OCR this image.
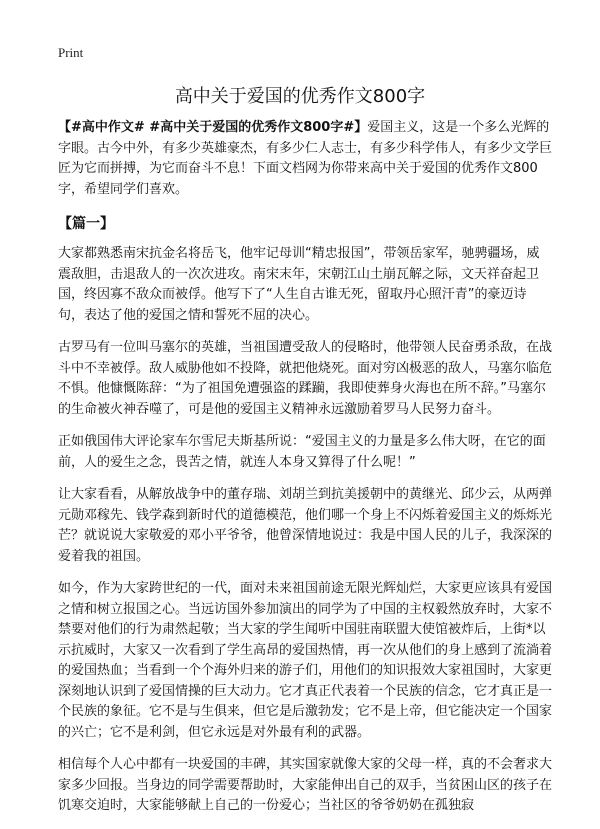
Print
高中关于爱国的优秀作文800字

【#高中作文# #高中关于爱国的优秀作文800字#】爱国主义，这是一个多么光辉的字眼。古今中外，有多少英雄豪杰，有多少仁人志士，有多少科学伟人，有多少文学巨匠为它而拼搏，为它而奋斗不息！下面文档网为你带来高中关于爱国的优秀作文800字，希望同学们喜欢。

【篇一】

大家都熟悉南宋抗金名将岳飞，他牢记母训“精忠报国”，带领岳家军，驰骋疆场，威震敌胆，击退敌人的一次次进攻。南宋末年，宋朝江山土崩瓦解之际，文天祥奋起卫国，终因寡不敌众而被俘。他写下了“人生自古谁无死，留取丹心照汗青”的豪迈诗句，表达了他的爱国之情和誓死不屈的决心。

古罗马有一位叫马塞尔的英雄，当祖国遭受敌人的侵略时，他带领人民奋勇杀敌，在战斗中不幸被俘。敌人威胁他如不投降，就把他烧死。面对穷凶极恶的敌人，马塞尔临危不惧。他慷慨陈辞：“为了祖国免遭强盗的蹂躏，我即使葬身火海也在所不辞。”马塞尔的生命被火神吞噬了，可是他的爱国主义精神永远激励着罗马人民努力奋斗。

正如俄国伟大评论家车尔雪尼夫斯基所说：“爱国主义的力量是多么伟大呀，在它的面前，人的爱生之念，畏苦之情，就连人本身又算得了什么呢！”

让大家看看，从解放战争中的董存瑞、刘胡兰到抗美援朝中的黄继光、邱少云，从两弹元勋邓稼先、钱学森到新时代的道德模范，他们哪一个身上不闪烁着爱国主义的烁烁光芒？就说说大家敬爱的邓小平爷爷，他曾深情地说过：我是中国人民的儿子，我深深的爱着我的祖国。

如今，作为大家跨世纪的一代，面对未来祖国前途无限光辉灿烂，大家更应该具有爱国之情和树立报国之心。当远访国外参加演出的同学为了中国的主权毅然放弃时，大家不禁要对他们的行为肃然起敬；当大家的学生闻听中国驻南联盟大使馆被炸后，上街*以示抗威时，大家又一次看到了学生高昂的爱国热情，再一次从他们的身上感到了流淌着的爱国热血；当看到一个个海外归来的游子们，用他们的知识报效大家祖国时，大家更深刻地认识到了爱国情操的巨大动力。它才真正代表着一个民族的信念，它才真正是一个民族的象征。它不是与生俱来，但它是后激勃发；它不是上帝，但它能决定一个国家的兴亡；它不是利剑，但它永远是对外最有利的武器。

相信每个人心中都有一块爱国的丰碑，其实国家就像大家的父母一样，真的不会奢求大家多少回报。当身边的同学需要帮助时，大家能伸出自己的双手，当贫困山区的孩子在饥寒交迫时，大家能够献上自己的一份爱心；当社区的爷爷奶奶在孤独寂
